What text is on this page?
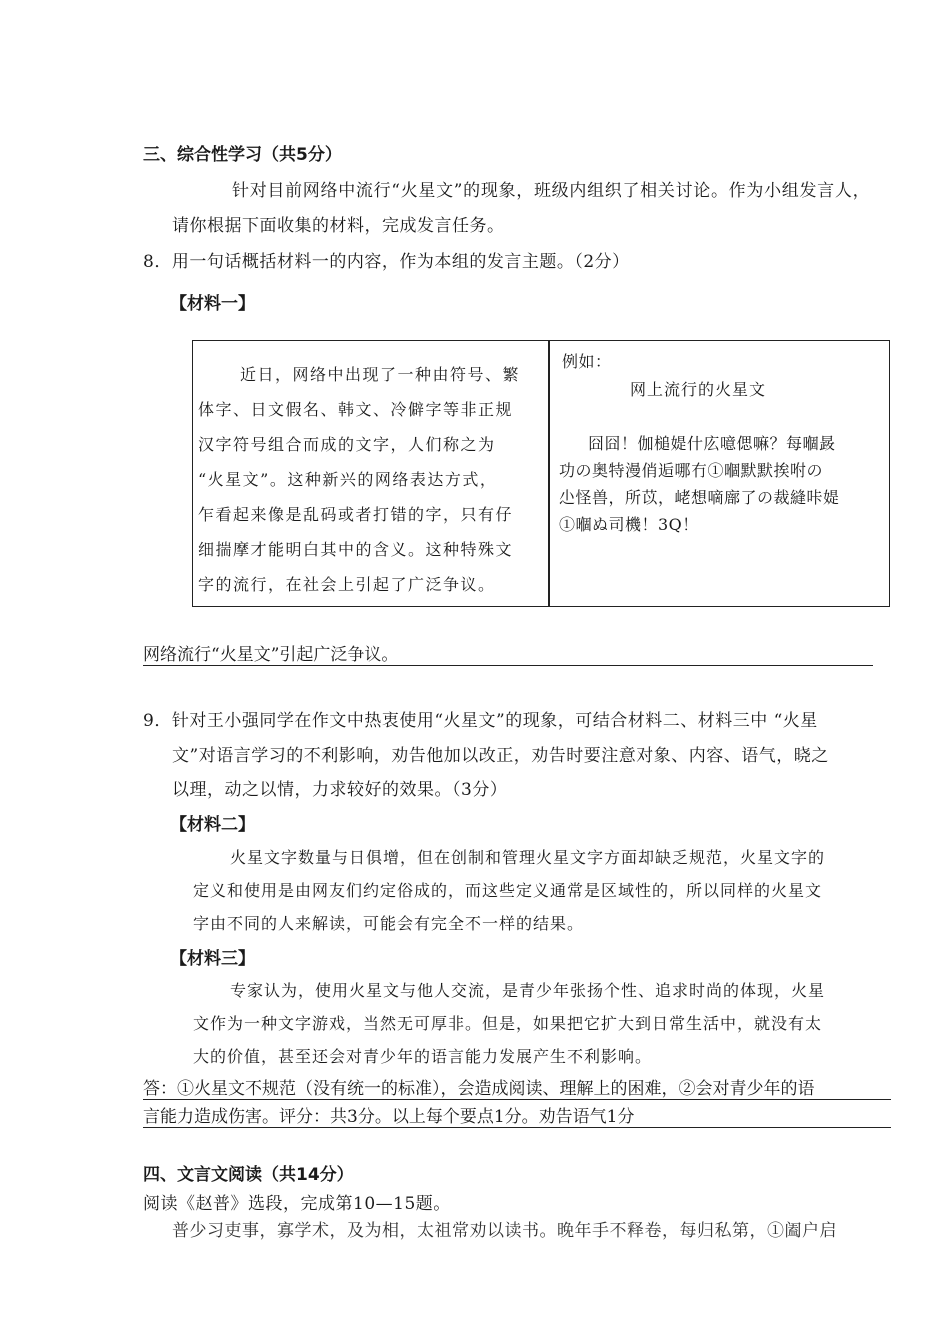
三、综合性学习（共5分）
针对目前网络中流行“火星文”的现象，班级内组织了相关讨论。作为小组发言人，
请你根据下面收集的材料，完成发言任务。
8．用一句话概括材料一的内容，作为本组的发言主题。（2分）
【材料一】
近日，网络中出现了一种由符号、繁
体字、日文假名、韩文、冷僻字等非正规
汉字符号组合而成的文字，人们称之为
“火星文”。这种新兴的网络表达方式，
乍看起来像是乱码或者打错的字，只有仔
细揣摩才能明白其中的含义。这种特殊文
字的流行，在社会上引起了广泛争议。
例如：
网上流行的火星文
囧囧！伽槌媞什庅噫偲嘛？每嗰晸
功の奥特漫俏逅哪冇①嗰默默挨咐の
尐怪兽，所苡，峔想嘀廍了の裁縫咔媞
①嗰ぬ司機！3Q！
网络流行“火星文”引起广泛争议。
9．针对王小强同学在作文中热衷使用“火星文”的现象，可结合材料二、材料三中 “火星
文”对语言学习的不利影响，劝告他加以改正，劝告时要注意对象、内容、语气，晓之
以理，动之以情，力求较好的效果。（3分）
【材料二】
火星文字数量与日俱增，但在创制和管理火星文字方面却缺乏规范，火星文字的
定义和使用是由网友们约定俗成的，而这些定义通常是区域性的，所以同样的火星文
字由不同的人来解读，可能会有完全不一样的结果。
【材料三】
专家认为，使用火星文与他人交流，是青少年张扬个性、追求时尚的体现，火星
文作为一种文字游戏，当然无可厚非。但是，如果把它扩大到日常生活中，就没有太
大的价值，甚至还会对青少年的语言能力发展产生不利影响。
答：①火星文不规范（没有统一的标准），会造成阅读、理解上的困难，②会对青少年的语
言能力造成伤害。评分：共3分。以上每个要点1分。劝告语气1分
四、文言文阅读（共14分）
阅读《赵普》选段，完成第10—15题。
普少习吏事，寡学术，及为相，太祖常劝以读书。晚年手不释卷，每归私第，①阖户启
